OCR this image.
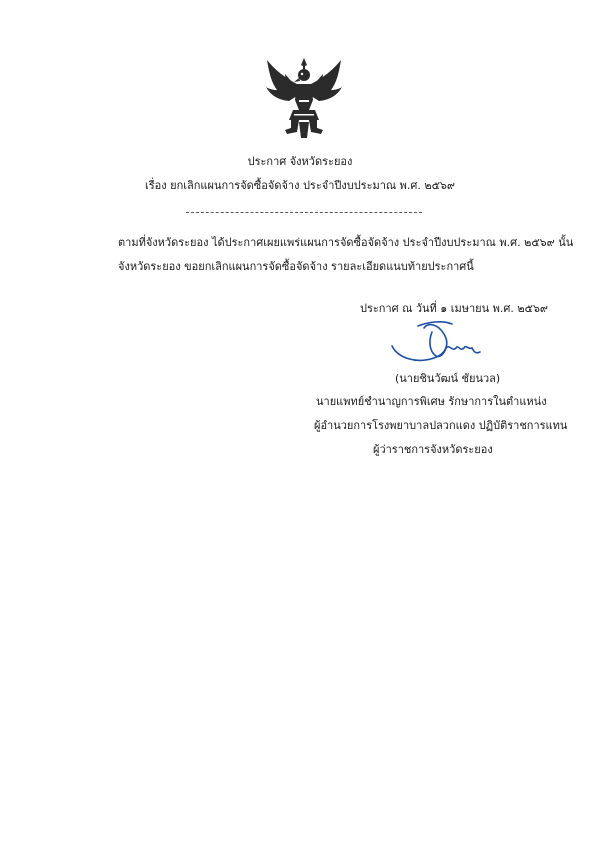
ประกาศ จังหวัดระยอง
เรื่อง ยกเลิกแผนการจัดซื้อจัดจ้าง ประจำปีงบประมาณ พ.ศ. ๒๕๖๙
ตามที่จังหวัดระยอง ได้ประกาศเผยแพร่แผนการจัดซื้อจัดจ้าง ประจำปีงบประมาณ พ.ศ. ๒๕๖๙ นั้น
จังหวัดระยอง ขอยกเลิกแผนการจัดซื้อจัดจ้าง รายละเอียดแนบท้ายประกาศนี้
ประกาศ ณ วันที่ ๑ เมษายน พ.ศ. ๒๕๖๙
(นายชินวัฒน์ ชัยนวล)
นายแพทย์ชำนาญการพิเศษ รักษาการในตำแหน่ง
ผู้อำนวยการโรงพยาบาลปลวกแดง ปฏิบัติราชการแทน
ผู้ว่าราชการจังหวัดระยอง
